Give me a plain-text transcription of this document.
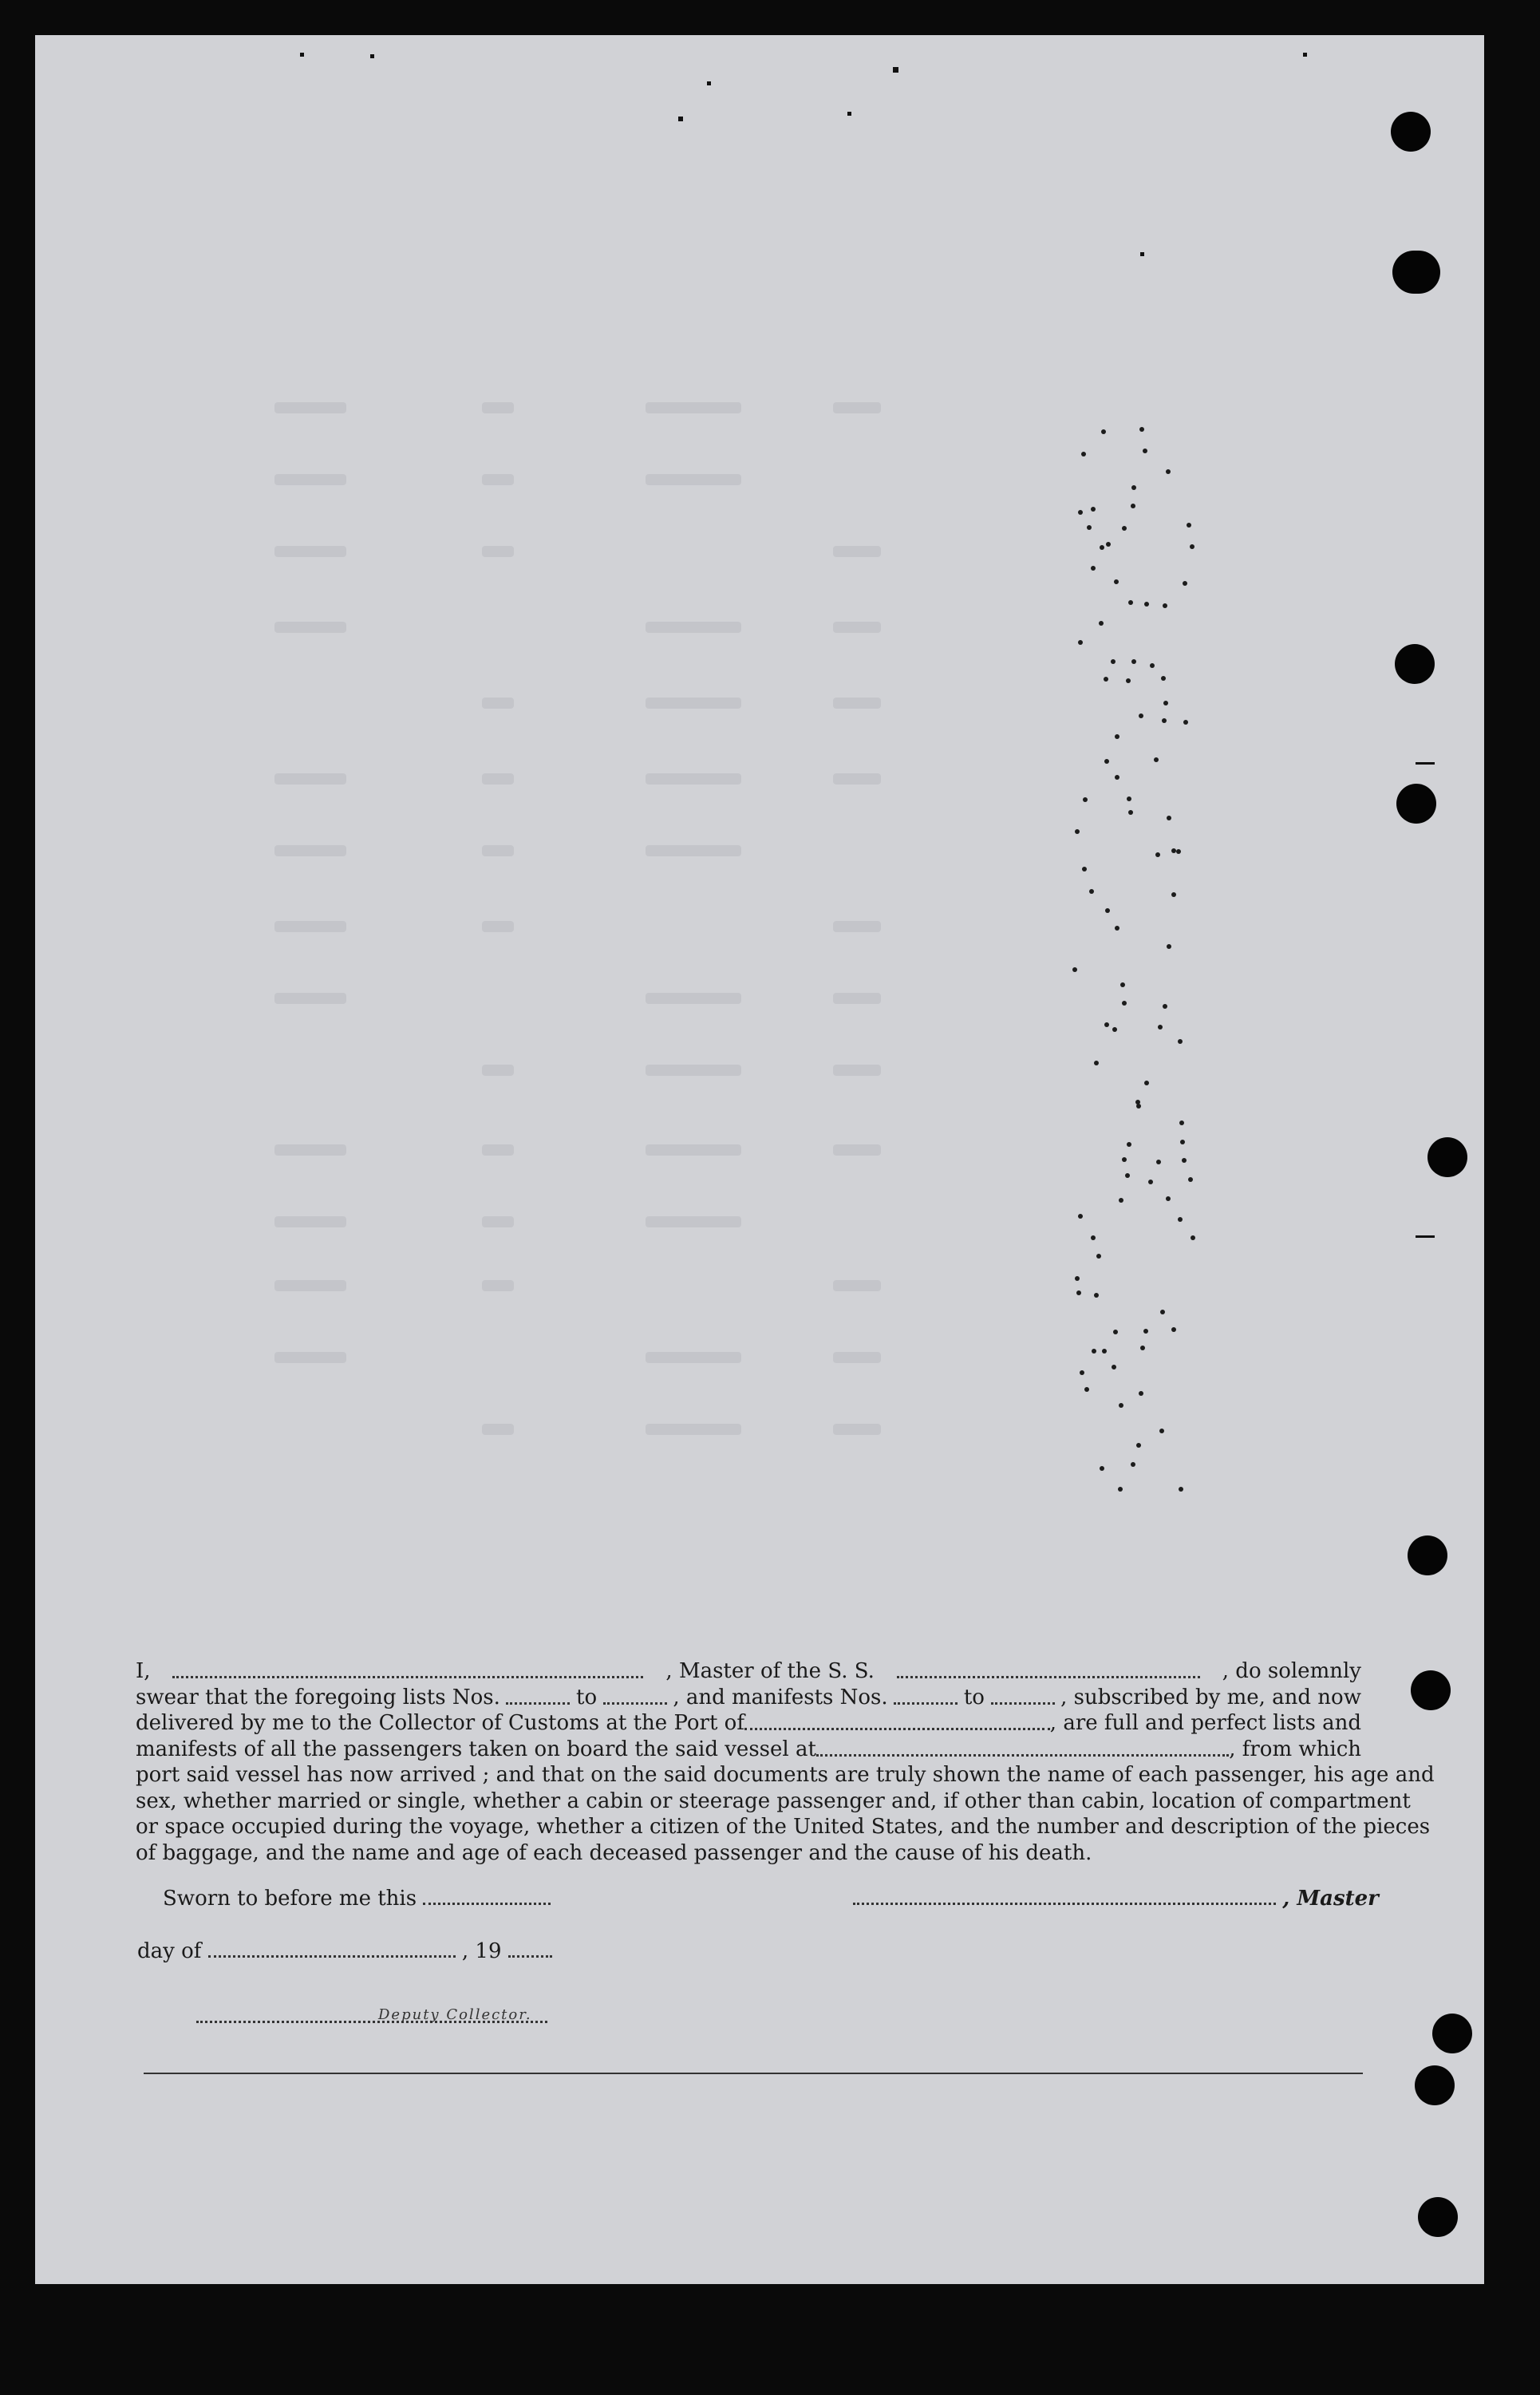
I,	, Master of the S. S.	, do solemnly
swear that the foregoing lists Nos.	to	, and manifests Nos.	to	, subscribed by me, and now
delivered by me to the Collector of Customs at the Port of	, are full and perfect lists and
manifests of all the passengers taken on board the said vessel at	, from which
port said vessel has now arrived ; and that on the said documents are truly shown the name of each passenger, his age and
sex, whether married or single, whether a cabin or steerage passenger and, if other than cabin, location of compartment
or space occupied during the voyage, whether a citizen of the United States, and the number and description of the pieces
of baggage, and the name and age of each deceased passenger and the cause of his death.
Sworn to before me this	, Master
day of	, 19
Deputy Collector.
